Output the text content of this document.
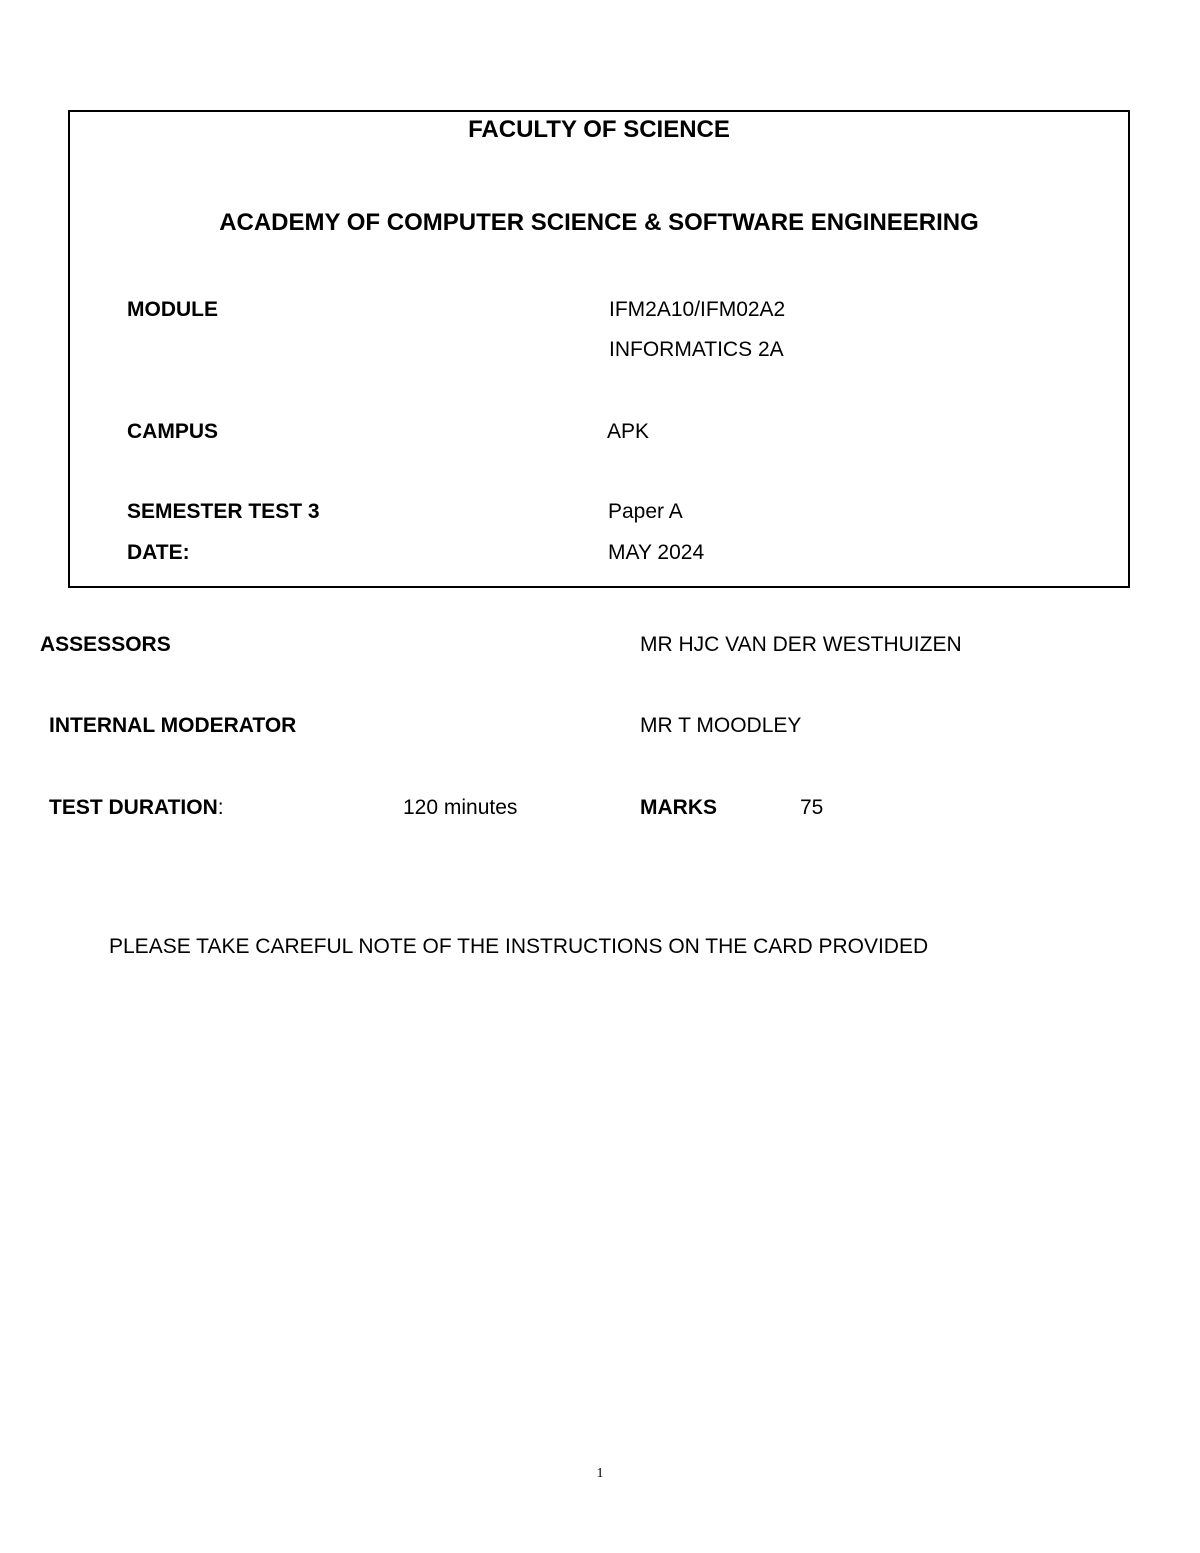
FACULTY OF SCIENCE
ACADEMY OF COMPUTER SCIENCE & SOFTWARE ENGINEERING
MODULE	IFM2A10/IFM02A2
INFORMATICS 2A
CAMPUS	APK
SEMESTER TEST 3	Paper A
DATE:	MAY 2024
ASSESSORS	MR HJC VAN DER WESTHUIZEN
INTERNAL MODERATOR	MR T MOODLEY
TEST DURATION:	120 minutes	MARKS	75
PLEASE TAKE CAREFUL NOTE OF THE INSTRUCTIONS ON THE CARD PROVIDED
1
